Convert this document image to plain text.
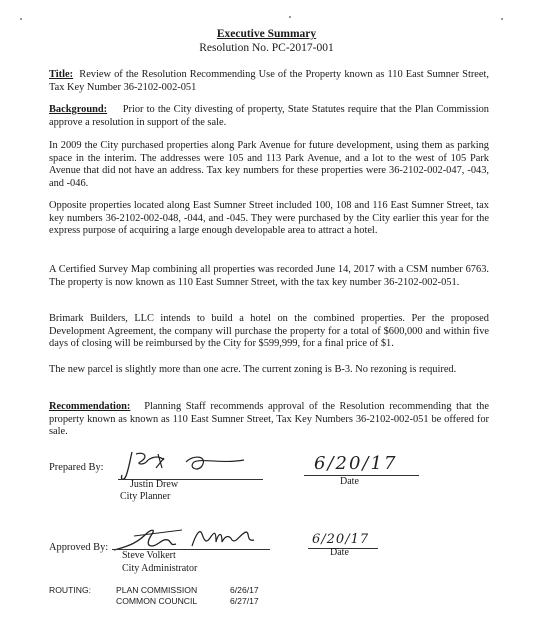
Executive Summary
Resolution No. PC-2017-001
Title: Review of the Resolution Recommending Use of the Property known as 110 East Sumner Street, Tax Key Number 36-2102-002-051
Background: Prior to the City divesting of property, State Statutes require that the Plan Commission approve a resolution in support of the sale.
In 2009 the City purchased properties along Park Avenue for future development, using them as parking space in the interim. The addresses were 105 and 113 Park Avenue, and a lot to the west of 105 Park Avenue that did not have an address. Tax key numbers for these properties were 36-2102-002-047, -043, and -046.
Opposite properties located along East Sumner Street included 100, 108 and 116 East Sumner Street, tax key numbers 36-2102-002-048, -044, and -045. They were purchased by the City earlier this year for the express purpose of acquiring a large enough developable area to attract a hotel.
A Certified Survey Map combining all properties was recorded June 14, 2017 with a CSM number 6763. The property is now known as 110 East Sumner Street, with the tax key number 36-2102-002-051.
Brimark Builders, LLC intends to build a hotel on the combined properties. Per the proposed Development Agreement, the company will purchase the property for a total of $600,000 and within five days of closing will be reimbursed by the City for $599,999, for a final price of $1.
The new parcel is slightly more than one acre. The current zoning is B-3. No rezoning is required.
Recommendation: Planning Staff recommends approval of the Resolution recommending that the property known as known as 110 East Sumner Street, Tax Key Numbers 36-2102-002-051 be offered for sale.
Prepared By:
Justin Drew
City Planner
6/20/17
Date
Approved By:
Steve Volkert
City Administrator
6/20/17
Date
ROUTING:	PLAN COMMISSION	6/26/17
COMMON COUNCIL	6/27/17
